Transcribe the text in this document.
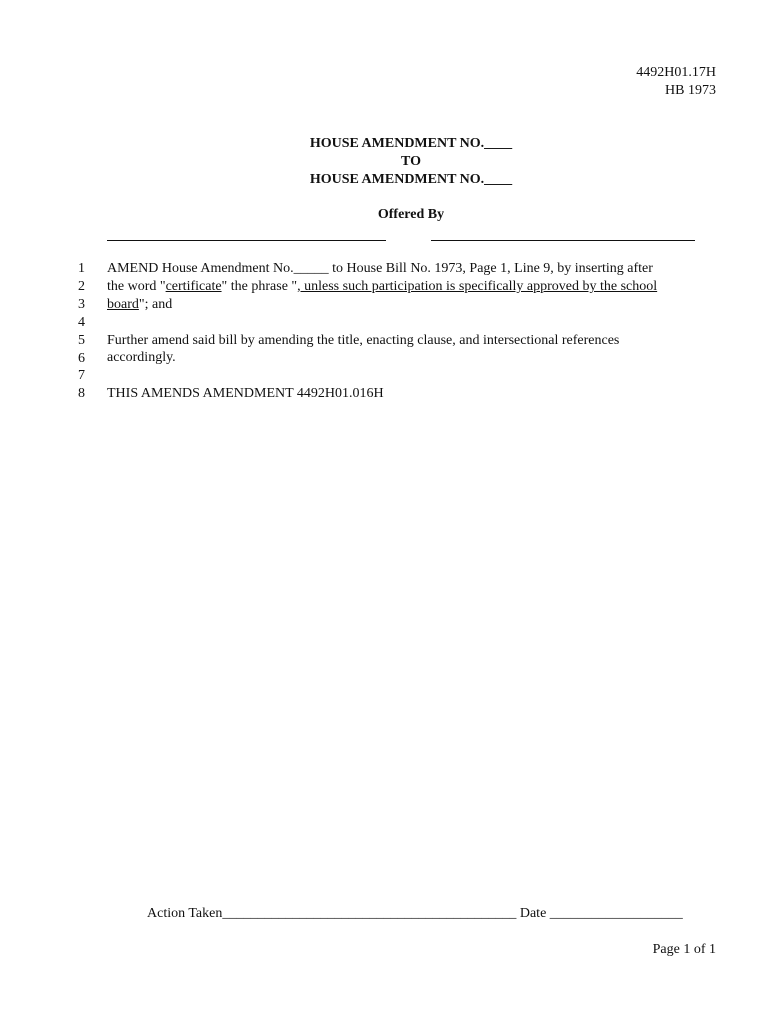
4492H01.17H
HB 1973
HOUSE AMENDMENT NO.____
TO
HOUSE AMENDMENT NO.____
Offered By
1
2
3
4
5
6
7
8
AMEND House Amendment No._____ to House Bill No. 1973, Page 1, Line 9, by inserting after
the word "certificate" the phrase ", unless such participation is specifically approved by the school
board"; and
Further amend said bill by amending the title, enacting clause, and intersectional references
accordingly.
THIS AMENDS AMENDMENT 4492H01.016H
Action Taken__________________________________________ Date ___________________
Page 1 of 1
